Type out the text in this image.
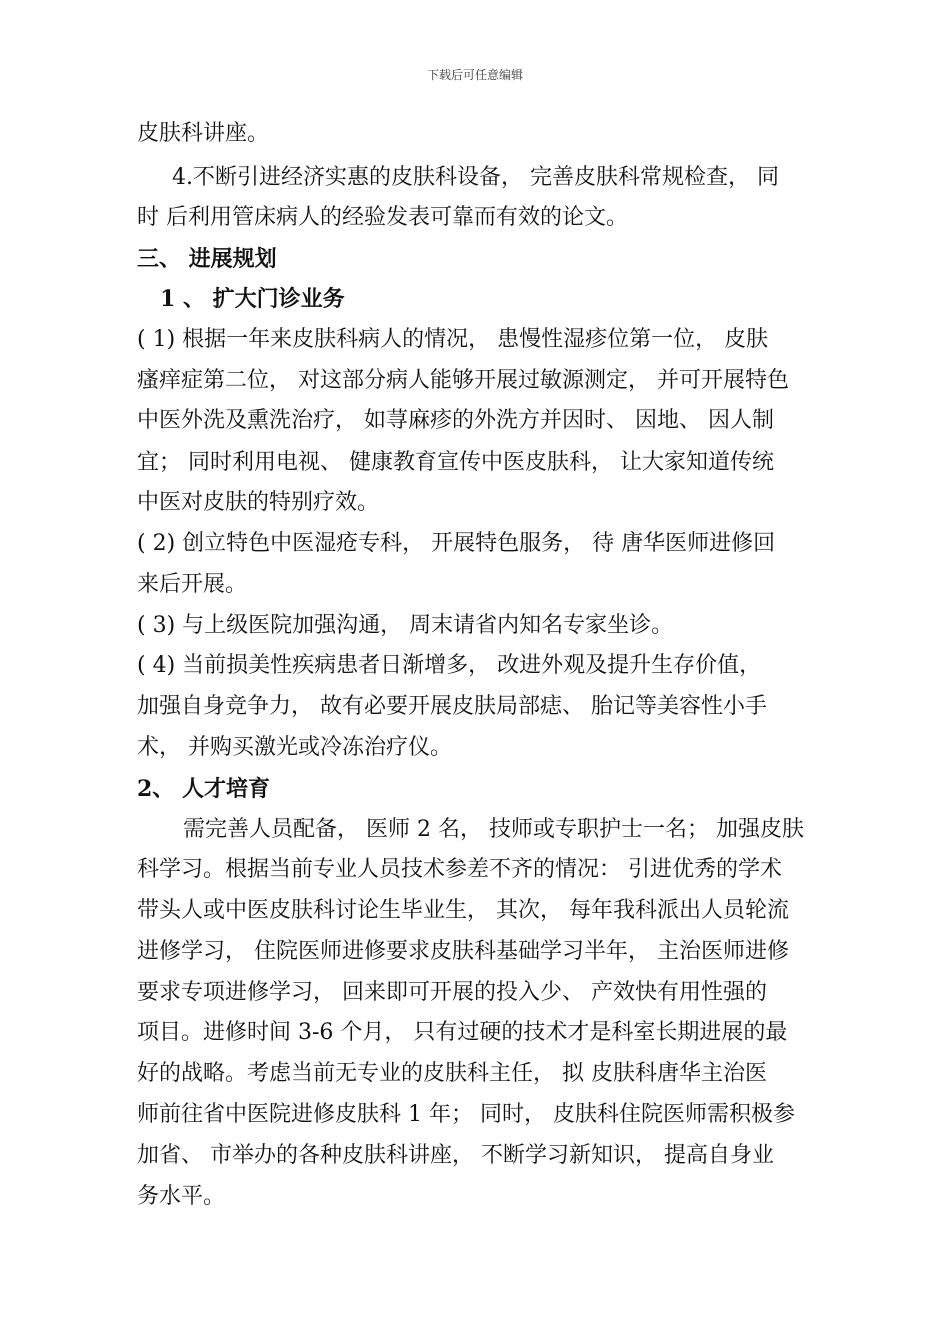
下载后可任意编辑
皮肤科讲座。
4.不断引进经济实惠的皮肤科设备， 完善皮肤科常规检查， 同
时 后利用管床病人的经验发表可靠而有效的论文。
三、 进展规划
1 、 扩大门诊业务
( 1) 根据一年来皮肤科病人的情况， 患慢性湿疹位第一位， 皮肤
瘙痒症第二位， 对这部分病人能够开展过敏源测定， 并可开展特色
中医外洗及熏洗治疗， 如荨麻疹的外洗方并因时、 因地、 因人制
宜； 同时利用电视、 健康教育宣传中医皮肤科， 让大家知道传统
中医对皮肤的特别疗效。
( 2) 创立特色中医湿疮专科， 开展特色服务， 待 唐华医师进修回
来后开展。
( 3) 与上级医院加强沟通， 周末请省内知名专家坐诊。
( 4) 当前损美性疾病患者日渐增多， 改进外观及提升生存价值，
加强自身竞争力， 故有必要开展皮肤局部痣、 胎记等美容性小手
术， 并购买激光或冷冻治疗仪。
2、 人才培育
需完善人员配备， 医师 2 名， 技师或专职护士一名； 加强皮肤
科学习。根据当前专业人员技术参差不齐的情况： 引进优秀的学术
带头人或中医皮肤科讨论生毕业生， 其次， 每年我科派出人员轮流
进修学习， 住院医师进修要求皮肤科基础学习半年， 主治医师进修
要求专项进修学习， 回来即可开展的投入少、 产效快有用性强的
项目。进修时间 3-6 个月， 只有过硬的技术才是科室长期进展的最
好的战略。考虑当前无专业的皮肤科主任， 拟 皮肤科唐华主治医
师前往省中医院进修皮肤科 1 年； 同时， 皮肤科住院医师需积极参
加省、 市举办的各种皮肤科讲座， 不断学习新知识， 提高自身业
务水平。
